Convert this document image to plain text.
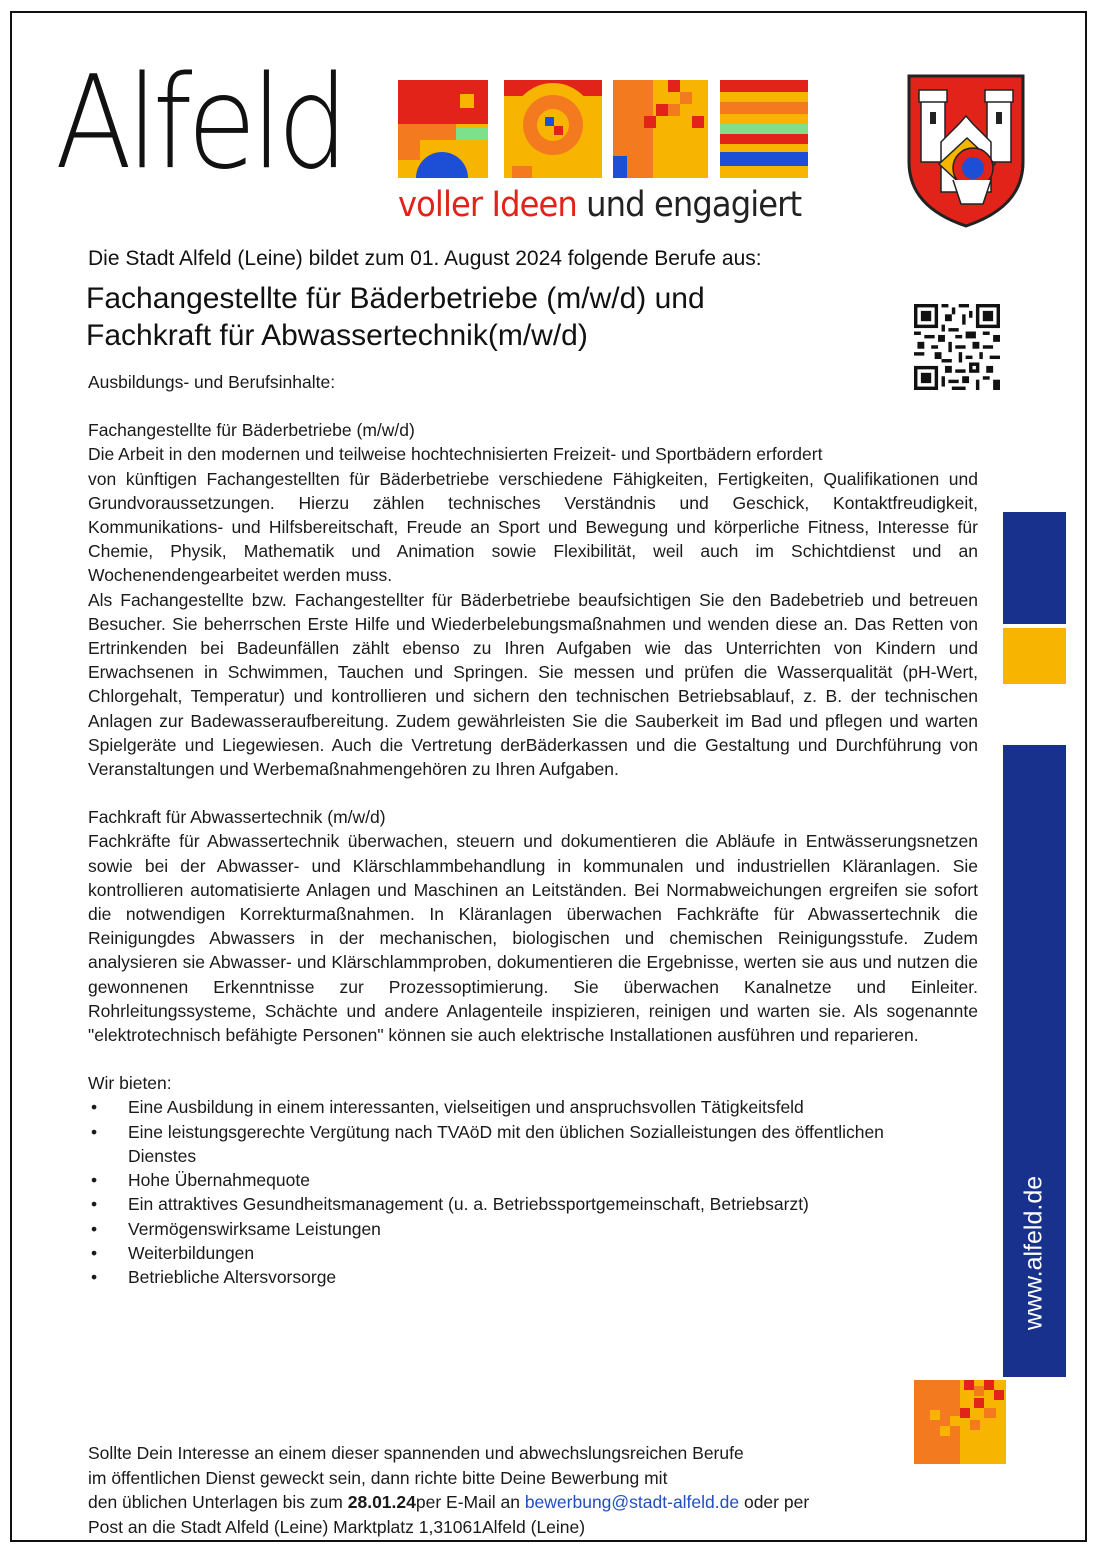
Alfeld
voller Ideen und engagiert
Die Stadt Alfeld (Leine) bildet zum 01. August 2024 folgende Berufe aus:
Fachangestellte für Bäderbetriebe (m/w/d) und
Fachkraft für Abwassertechnik(m/w/d)

Ausbildungs- und Berufsinhalte:

Fachangestellte für Bäderbetriebe (m/w/d)

Die Arbeit in den modernen und teilweise hochtechnisierten Freizeit- und Sportbädern erfordert

von künftigen Fachangestellten für Bäderbetriebe verschiedene Fähigkeiten, Fertigkeiten, Qualifikationen und Grundvoraussetzungen. Hierzu zählen technisches Verständnis und Geschick, Kontaktfreudigkeit, Kommunikations- und Hilfsbereitschaft, Freude an Sport und Bewegung und körperliche Fitness, Interesse für Chemie, Physik, Mathematik und Animation sowie Flexibilität, weil auch im Schichtdienst und an Wochenendengearbeitet werden muss.

Als Fachangestellte bzw. Fachangestellter für Bäderbetriebe beaufsichtigen Sie den Badebetrieb und betreuen Besucher. Sie beherrschen Erste Hilfe und Wiederbelebungsmaßnahmen und wenden diese an. Das Retten von Ertrinkenden bei Badeunfällen zählt ebenso zu Ihren Aufgaben wie das Unterrichten von Kindern und Erwachsenen in Schwimmen, Tauchen und Springen. Sie messen und prüfen die Wasserqualität (pH-Wert, Chlorgehalt, Temperatur) und kontrollieren und sichern den technischen Betriebsablauf, z. B. der technischen Anlagen zur Badewasseraufbereitung. Zudem gewährleisten Sie die Sauberkeit im Bad und pflegen und warten Spielgeräte und Liegewiesen. Auch die Vertretung derBäderkassen und die Gestaltung und Durchführung von Veranstaltungen und Werbemaßnahmengehören zu Ihren Aufgaben.

Fachkraft für Abwassertechnik (m/w/d)

Fachkräfte für Abwassertechnik überwachen, steuern und dokumentieren die Abläufe in Entwässerungsnetzen sowie bei der Abwasser- und Klärschlammbehandlung in kommunalen und industriellen Kläranlagen. Sie kontrollieren automatisierte Anlagen und Maschinen an Leitständen. Bei Normabweichungen ergreifen sie sofort die notwendigen Korrekturmaßnahmen. In Kläranlagen überwachen Fachkräfte für Abwassertechnik die Reinigungdes Abwassers in der mechanischen, biologischen und chemischen Reinigungsstufe. Zudem analysieren sie Abwasser- und Klärschlammproben, dokumentieren die Ergebnisse, werten sie aus und nutzen die gewonnenen Erkenntnisse zur Prozessoptimierung. Sie überwachen Kanalnetze und Einleiter. Rohrleitungssysteme, Schächte und andere Anlagenteile inspizieren, reinigen und warten sie. Als sogenannte "elektrotechnisch befähigte Personen" können sie auch elektrische Installationen ausführen und reparieren.

Wir bieten:

• Eine Ausbildung in einem interessanten, vielseitigen und anspruchsvollen Tätigkeitsfeld
• Eine leistungsgerechte Vergütung nach TVAöD mit den üblichen Sozialleistungen des öffentlichen Dienstes
• Hohe Übernahmequote
• Ein attraktives Gesundheitsmanagement (u. a. Betriebssportgemeinschaft, Betriebsarzt)
• Vermögenswirksame Leistungen
• Weiterbildungen
• Betriebliche Altersvorsorge	www.alfeld.de
Sollte Dein Interesse an einem dieser spannenden und abwechslungsreichen Berufe
im öffentlichen Dienst geweckt sein, dann richte bitte Deine Bewerbung mit
den üblichen Unterlagen bis zum 28.01.24per E-Mail an bewerbung@stadt-alfeld.de oder per
Post an die Stadt Alfeld (Leine) Marktplatz 1,31061Alfeld (Leine)
